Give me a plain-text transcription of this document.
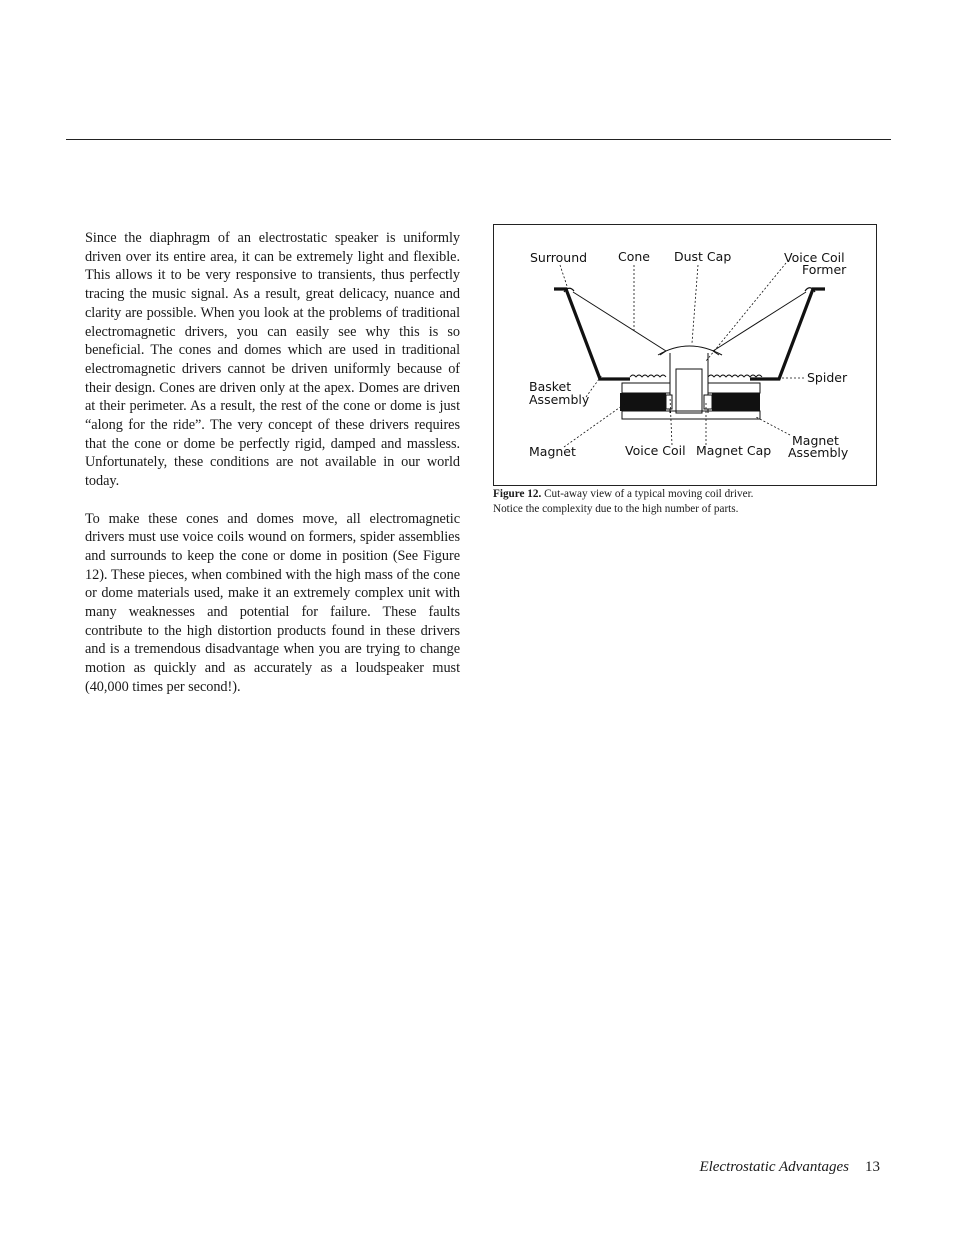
Since the diaphragm of an electrostatic speaker is uniformly driven over its entire area, it can be extremely light and flexible. This allows it to be very responsive to transients, thus perfectly tracing the music signal. As a result, great delicacy, nuance and clarity are possible. When you look at the problems of traditional electromagnetic drivers, you can easily see why this is so beneficial. The cones and domes which are used in traditional electromagnetic drivers cannot be driven uniformly because of their design. Cones are driven only at the apex. Domes are driven at their perimeter. As a result, the rest of the cone or dome is just “along for the ride”. The very concept of these drivers requires that the cone or dome be perfectly rigid, damped and massless. Unfortunately, these conditions are not available in our world today.

To make these cones and domes move, all electromagnetic drivers must use voice coils wound on formers, spider assemblies and surrounds to keep the cone or dome in position (See Figure 12). These pieces, when combined with the high mass of the cone or dome materials used, make it an extremely complex unit with many weaknesses and potential for failure. These faults contribute to the high distortion products found in these drivers and is a tremendous disadvantage when you are trying to change motion as quickly and as accurately as a loudspeaker must (40,000 times per second!).

Surround Cone Dust Cap	Voice Coil
Former
Spider
Basket
Assembly
Magnet	Voice Coil Magnet Cap
Magnet
Assembly
Figure 12. Cut-away view of a typical moving coil driver.
Notice the complexity due to the high number of parts.
Electrostatic Advantages 13
